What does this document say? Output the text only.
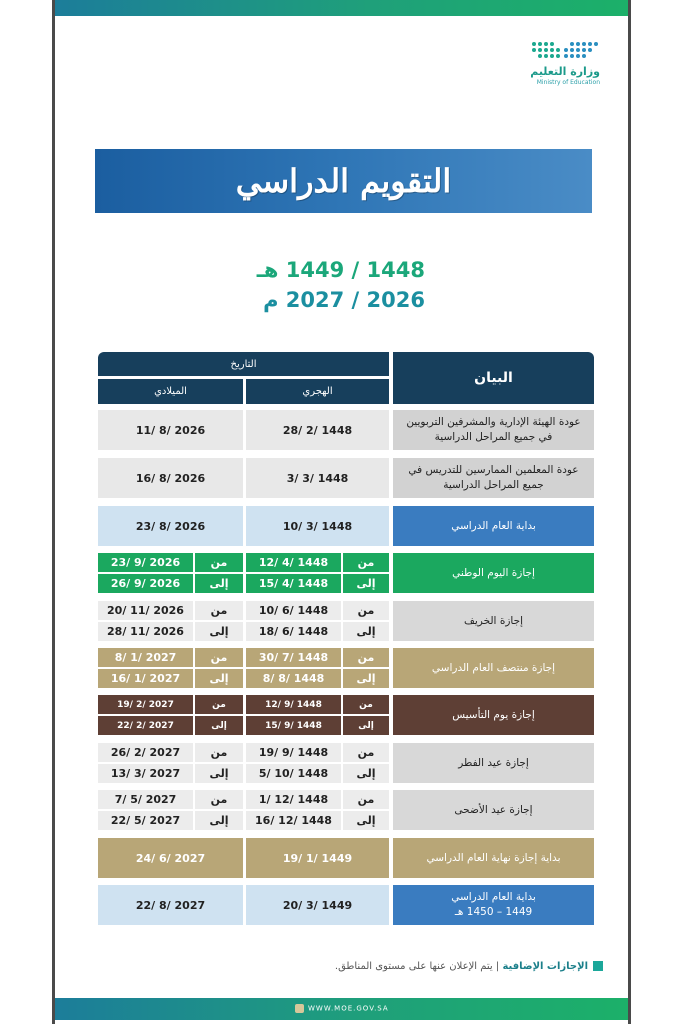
وزارة التعليم
Ministry of Education
التقويم الدراسي
1448 / 1449 هـ
2026 / 2027 م
البيان
التاريخ
الهجري
الميلادي
عودة الهيئة الإدارية والمشرفين التربويين في جميع المراحل الدراسية
28/ 2/ 1448
11/ 8/ 2026
عودة المعلمين الممارسين للتدريس في جميع المراحل الدراسية
3/ 3/ 1448
16/ 8/ 2026
بداية العام الدراسي
10/ 3/ 1448
23/ 8/ 2026
إجازة اليوم الوطني
من
إلى
12/ 4/ 1448
15/ 4/ 1448
من
إلى
23/ 9/ 2026
26/ 9/ 2026
إجازة الخريف
من
إلى
10/ 6/ 1448
18/ 6/ 1448
من
إلى
20/ 11/ 2026
28/ 11/ 2026
إجازة منتصف العام الدراسي
من
إلى
30/ 7/ 1448
8/ 8/ 1448
من
إلى
8/ 1/ 2027
16/ 1/ 2027
إجازة يوم التأسيس
من
إلى
12/ 9/ 1448
15/ 9/ 1448
من
إلى
19/ 2/ 2027
22/ 2/ 2027
إجازة عيد الفطر
من
إلى
19/ 9/ 1448
5/ 10/ 1448
من
إلى
26/ 2/ 2027
13/ 3/ 2027
إجازة عيد الأضحى
من
إلى
1/ 12/ 1448
16/ 12/ 1448
من
إلى
7/ 5/ 2027
22/ 5/ 2027
بداية إجازة نهاية العام الدراسي
19/ 1/ 1449
24/ 6/ 2027
بداية العام الدراسي
1449 – 1450 هـ
20/ 3/ 1449
22/ 8/ 2027
الإجازات الإضافية | يتم الإعلان عنها على مستوى المناطق.
WWW.MOE.GOV.SA
